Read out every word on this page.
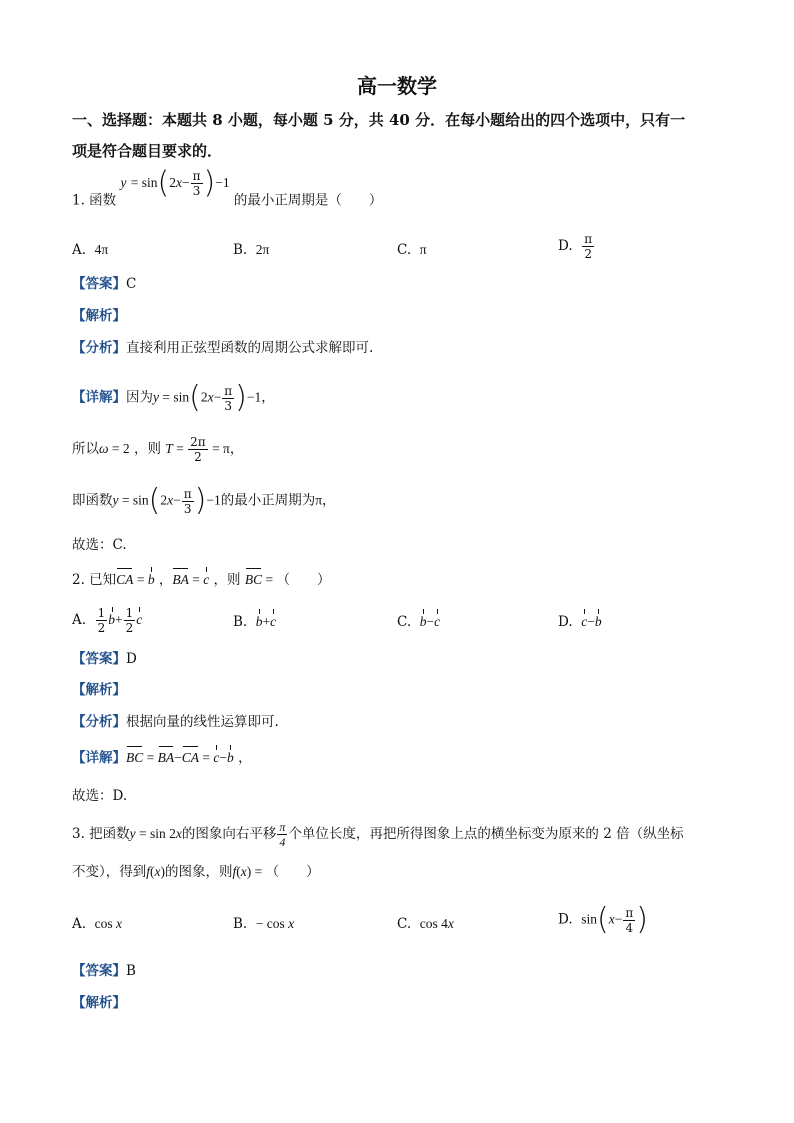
高一数学
一、选择题：本题共 8 小题，每小题 5 分，共 40 分．在每小题给出的四个选项中，只有一
项是符合题目要求的．
1. 函数 $y = \sin(2x- \frac{\pi}{3} )-1$ 的最小正周期是（　　）
A.  4π	B.  2π	C.  π	D. $\frac{\pi}{2}$
【答案】C
【解析】
【分析】直接利用正弦型函数的周期公式求解即可.
【详解】因为$y = \sin(2x- \frac{\pi}{3} )-1$，
所以ω = 2 ，则 $T = \frac{2\pi}{2} = \pi$，
即函数$y = \sin(2x- \frac{\pi}{3} )-1$的最小正周期为π，
故选：C.
2. 已知CA = b ，BA = c ，则 BC = （　　）
A. $\frac{1}{2} b+ \frac{1}{2}$ c	B.  b+c	C.  b−c	D.  c−b
【答案】D
【解析】
【分析】根据向量的线性运算即可.
【详解】BC = BA−CA = c−b ，
故选：D.
3. 把函数y = sin 2x的图象向右平移 $\frac{\pi}{4}$ 个单位长度，再把所得图象上点的横坐标变为原来的 2 倍（纵坐标
不变），得到f(x)的图象，则f(x) = （　　）
A.  cos x	B.  − cos x	C.  cos 4x	D.  $\sin(x- \frac{\pi}{4}$ )
【答案】B
【解析】
